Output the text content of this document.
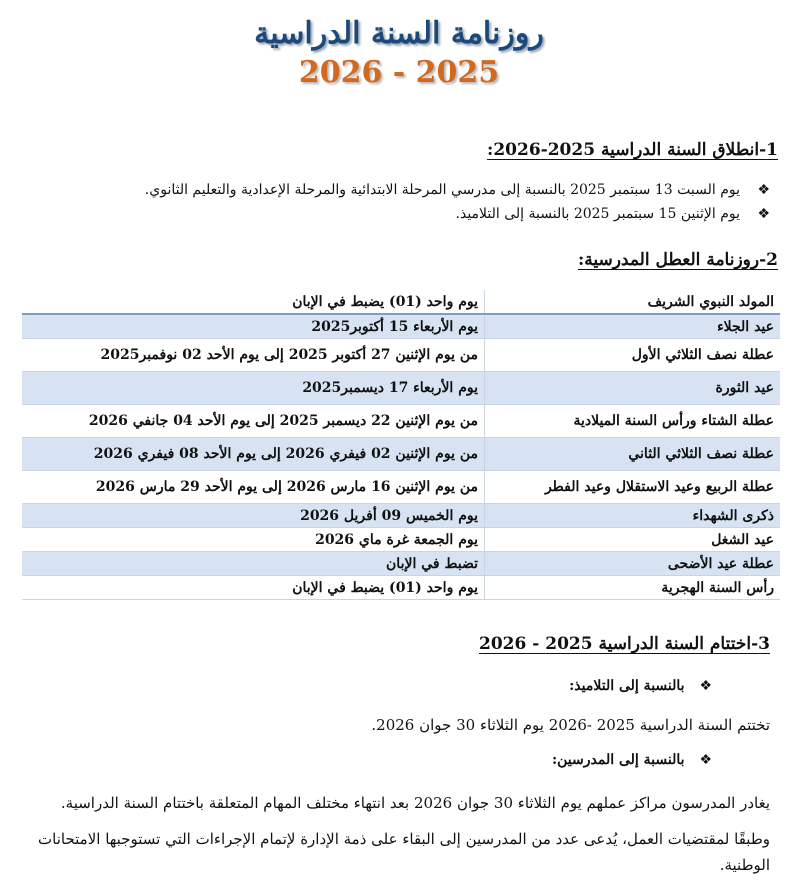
روزنامة السنة الدراسية
2026 - 2025
1-انطلاق السنة الدراسية 2025-2026:
❖
يوم السبت 13 سبتمبر 2025 بالنسبة إلى مدرسي المرحلة الابتدائية والمرحلة الإعدادية والتعليم الثانوي.
❖
يوم الإثنين 15 سبتمبر 2025 بالنسبة إلى التلاميذ.
2-روزنامة العطل المدرسية:
المولد النبوي الشريف	يوم واحد (01) يضبط في الإبان
عيد الجلاء	يوم الأربعاء 15 أكتوبر2025
عطلة نصف الثلاثي الأول	من يوم الإثنين 27 أكتوبر 2025 إلى يوم الأحد 02 نوفمبر2025
عيد الثورة	يوم الأربعاء 17 ديسمبر2025
عطلة الشتاء ورأس السنة الميلادية	من يوم الإثنين 22 ديسمبر 2025 إلى يوم الأحد 04 جانفي 2026
عطلة نصف الثلاثي الثاني	من يوم الإثنين 02 فيفري 2026 إلى يوم الأحد 08 فيفري 2026
عطلة الربيع وعيد الاستقلال وعيد الفطر	من يوم الإثنين 16 مارس 2026 إلى يوم الأحد 29 مارس 2026
ذكرى الشهداء	يوم الخميس 09 أفريل 2026
عيد الشغل	يوم الجمعة غرة ماي 2026
عطلة عيد الأضحى	تضبط في الإبان
رأس السنة الهجرية	يوم واحد (01) يضبط في الإبان
3-اختتام السنة الدراسية 2025 - 2026
❖ بالنسبة إلى التلاميذ:

تختتم السنة الدراسية 2025 -2026 يوم الثلاثاء 30 جوان 2026.

❖ بالنسبة إلى المدرسين:

يغادر المدرسون مراكز عملهم يوم الثلاثاء 30 جوان 2026 بعد انتهاء مختلف المهام المتعلقة باختتام السنة الدراسية.

وطبقًا لمقتضيات العمل، يُدعى عدد من المدرسين إلى البقاء على ذمة الإدارة لإتمام الإجراءات التي تستوجبها الامتحانات الوطنية.
